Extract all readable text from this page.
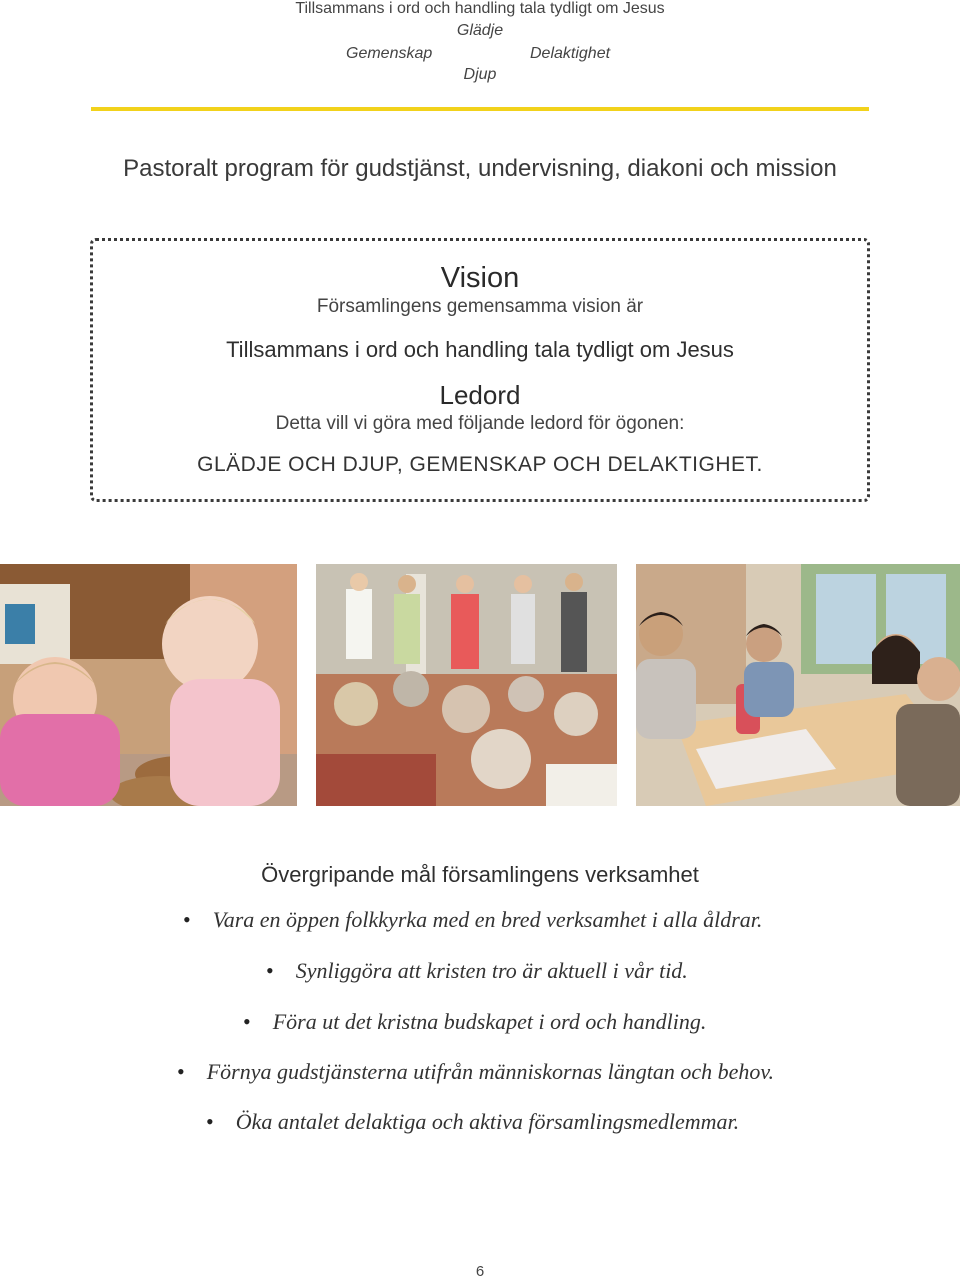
Tillsammans i ord och handling tala tydligt om Jesus
Glädje
Gemenskap	Delaktighet
Djup
Pastoralt program för gudstjänst, undervisning, diakoni och mission
Vision
Församlingens gemensamma vision är
Tillsammans i ord och handling tala tydligt om Jesus
Ledord
Detta vill vi göra med följande ledord för ögonen:
GLÄDJE OCH DJUP, GEMENSKAP OCH DELAKTIGHET.
Övergripande mål församlingens verksamhet
• Vara en öppen folkkyrka med en bred verksamhet i alla åldrar.
• Synliggöra att kristen tro är aktuell i vår tid.
• Föra ut det kristna budskapet i ord och handling.
• Förnya gudstjänsterna utifrån människornas längtan och behov.
• Öka antalet delaktiga och aktiva församlingsmedlemmar.
6
